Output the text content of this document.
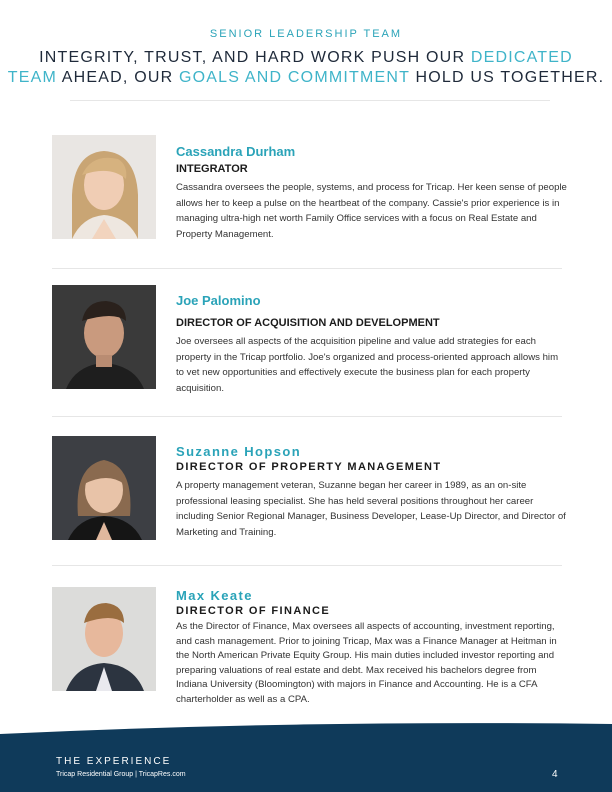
SENIOR LEADERSHIP TEAM
INTEGRITY, TRUST, AND HARD WORK PUSH OUR DEDICATED
TEAM AHEAD, OUR GOALS AND COMMITMENT HOLD US TOGETHER.
Cassandra Durham
INTEGRATOR
Cassandra oversees the people, systems, and process for Tricap. Her keen sense of people allows her to keep a pulse on the heartbeat of the company. Cassie's prior experience is in managing ultra-high net worth Family Office services with a focus on Real Estate and Property Management.
Joe Palomino
DIRECTOR OF ACQUISITION AND DEVELOPMENT
Joe oversees all aspects of the acquisition pipeline and value add strategies for each property in the Tricap portfolio. Joe's organized and process-oriented approach allows him to vet new opportunities and effectively execute the business plan for each property acquisition.
Suzanne Hopson
DIRECTOR OF PROPERTY MANAGEMENT
A property management veteran, Suzanne began her career in 1989, as an on-site professional leasing specialist. She has held several positions throughout her career including Senior Regional Manager, Business Developer, Lease-Up Director, and Director of Marketing and Training.
Max Keate
DIRECTOR OF FINANCE
As the Director of Finance, Max oversees all aspects of accounting, investment reporting, and cash management. Prior to joining Tricap, Max was a Finance Manager at Heitman in the North American Private Equity Group. His main duties included investor reporting and preparing valuations of real estate and debt. Max received his bachelors degree from Indiana University (Bloomington) with majors in Finance and Accounting. He is a CFA charterholder as well as a CPA.
THE EXPERIENCE
Tricap Residential Group | TricapRes.com	4
